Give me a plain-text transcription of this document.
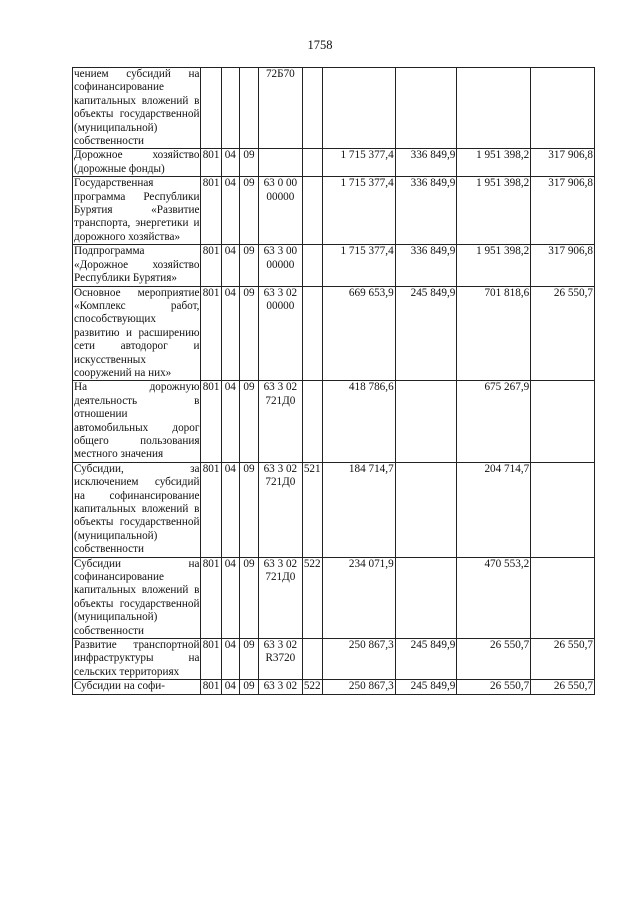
1758
чением субсидий на софинансирование капитальных вложений в объекты государственной (муниципальной) собственности				72Б70					
Дорожное хозяйство (дорожные фонды)	801	04	09			1 715 377,4	336 849,9	1 951 398,2	317 906,8
Государственная программа Республики Бурятия «Развитие транспорта, энергетики и дорожного хозяйства»	801	04	09	63 0 00 00000		1 715 377,4	336 849,9	1 951 398,2	317 906,8
Подпрограмма «Дорожное хозяйство Республики Бурятия»	801	04	09	63 3 00 00000		1 715 377,4	336 849,9	1 951 398,2	317 906,8
Основное мероприятие «Комплекс работ, способствующих развитию и расширению сети автодорог и искусственных сооружений на них»	801	04	09	63 3 02 00000		669 653,9	245 849,9	701 818,6	26 550,7
На дорожную деятельность в отношении автомобильных дорог общего пользования местного значения	801	04	09	63 3 02 721Д0		418 786,6		675 267,9	
Субсидии, за исключением субсидий на софинансирование капитальных вложений в объекты государственной (муниципальной) собственности	801	04	09	63 3 02 721Д0	521	184 714,7		204 714,7	
Субсидии на софинансирование капитальных вложений в объекты государственной (муниципальной) собственности	801	04	09	63 3 02 721Д0	522	234 071,9		470 553,2	
Развитие транспортной инфраструктуры на сельских территориях	801	04	09	63 3 02 R3720		250 867,3	245 849,9	26 550,7	26 550,7
Субсидии на софи-	801	04	09	63 3 02	522	250 867,3	245 849,9	26 550,7	26 550,7
